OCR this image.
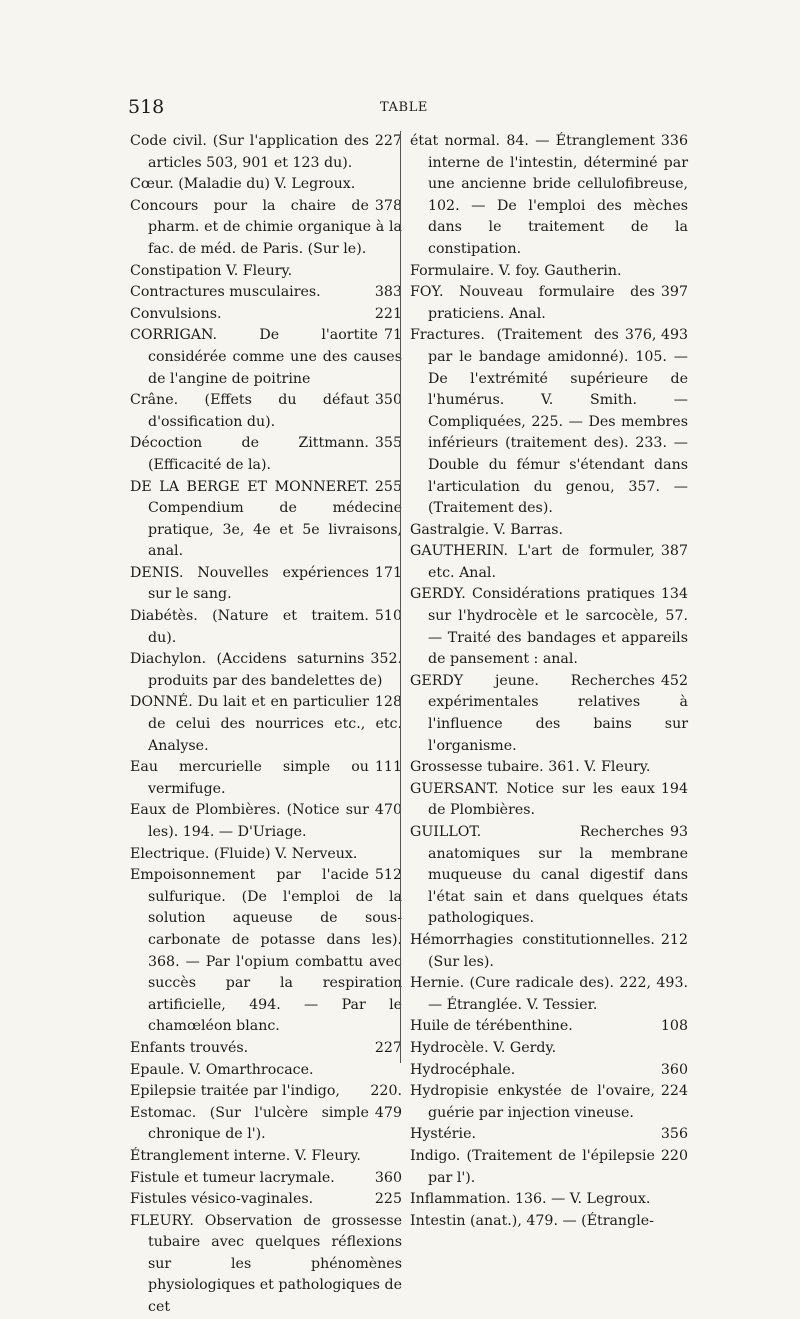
518	TABLE
227
Code civil. (Sur l'application des articles 503, 901 et 123 du).
Cœur. (Maladie du) V. Legroux.
378
Concours pour la chaire de pharm. et de chimie organique à la fac. de méd. de Paris. (Sur le).
Constipation V. Fleury.
383
Contractures musculaires.
221
Convulsions.
71
CORRIGAN. De l'aortite considérée comme une des causes de l'angine de poitrine
350
Crâne. (Effets du défaut d'ossification du).
355
Décoction de Zittmann. (Efficacité de la).
255
DE LA BERGE ET MONNERET. Compendium de médecine pratique, 3e, 4e et 5e livraisons, anal.
171
DENIS. Nouvelles expériences sur le sang.
510
Diabétès. (Nature et traitem. du).
352.
Diachylon. (Accidens saturnins produits par des bandelettes de)
128
DONNÉ. Du lait et en particulier de celui des nourrices etc., etc. Analyse.
111
Eau mercurielle simple ou vermifuge.
470
Eaux de Plombières. (Notice sur les). 194. — D'Uriage.
Electrique. (Fluide) V. Nerveux.
512
Empoisonnement par l'acide sulfurique. (De l'emploi de la solution aqueuse de sous-carbonate de potasse dans les). 368. — Par l'opium combattu avec succès par la respiration artificielle, 494. — Par le chamœléon blanc.
227
Enfants trouvés.
Epaule. V. Omarthrocace.
220.
Epilepsie traitée par l'indigo,
479
Estomac. (Sur l'ulcère simple chronique de l').
Étranglement interne. V. Fleury.
360
Fistule et tumeur lacrymale.
225
Fistules vésico-vaginales.
FLEURY. Observation de grossesse tubaire avec quelques réflexions sur les phénomènes physiologiques et pathologiques de cet
336
état normal. 84. — Étranglement interne de l'intestin, déterminé par une ancienne bride cellulofibreuse, 102. — De l'emploi des mèches dans le traitement de la constipation.
Formulaire. V. foy. Gautherin.
397
FOY. Nouveau formulaire des praticiens. Anal.
376, 493
Fractures. (Traitement des par le bandage amidonné). 105. — De l'extrémité supérieure de l'humérus. V. Smith. — Compliquées, 225. — Des membres inférieurs (traitement des). 233. — Double du fémur s'étendant dans l'articulation du genou, 357. — (Traitement des).
Gastralgie. V. Barras.
387
GAUTHERIN. L'art de formuler, etc. Anal.
134
GERDY. Considérations pratiques sur l'hydrocèle et le sarcocèle, 57. — Traité des bandages et appareils de pansement : anal.
452
GERDY jeune. Recherches expérimentales relatives à l'influence des bains sur l'organisme.
Grossesse tubaire. 361. V. Fleury.
194
GUERSANT. Notice sur les eaux de Plombières.
93
GUILLOT. Recherches anatomiques sur la membrane muqueuse du canal digestif dans l'état sain et dans quelques états pathologiques.
212
Hémorrhagies constitutionnelles. (Sur les).
Hernie. (Cure radicale des). 222, 493. — Étranglée. V. Tessier.
108
Huile de térébenthine.
Hydrocèle. V. Gerdy.
360
Hydrocéphale.
224
Hydropisie enkystée de l'ovaire, guérie par injection vineuse.
356
Hystérie.
220
Indigo. (Traitement de l'épilepsie par l').
Inflammation. 136. — V. Legroux.
Intestin (anat.), 479. — (Étrangle-
